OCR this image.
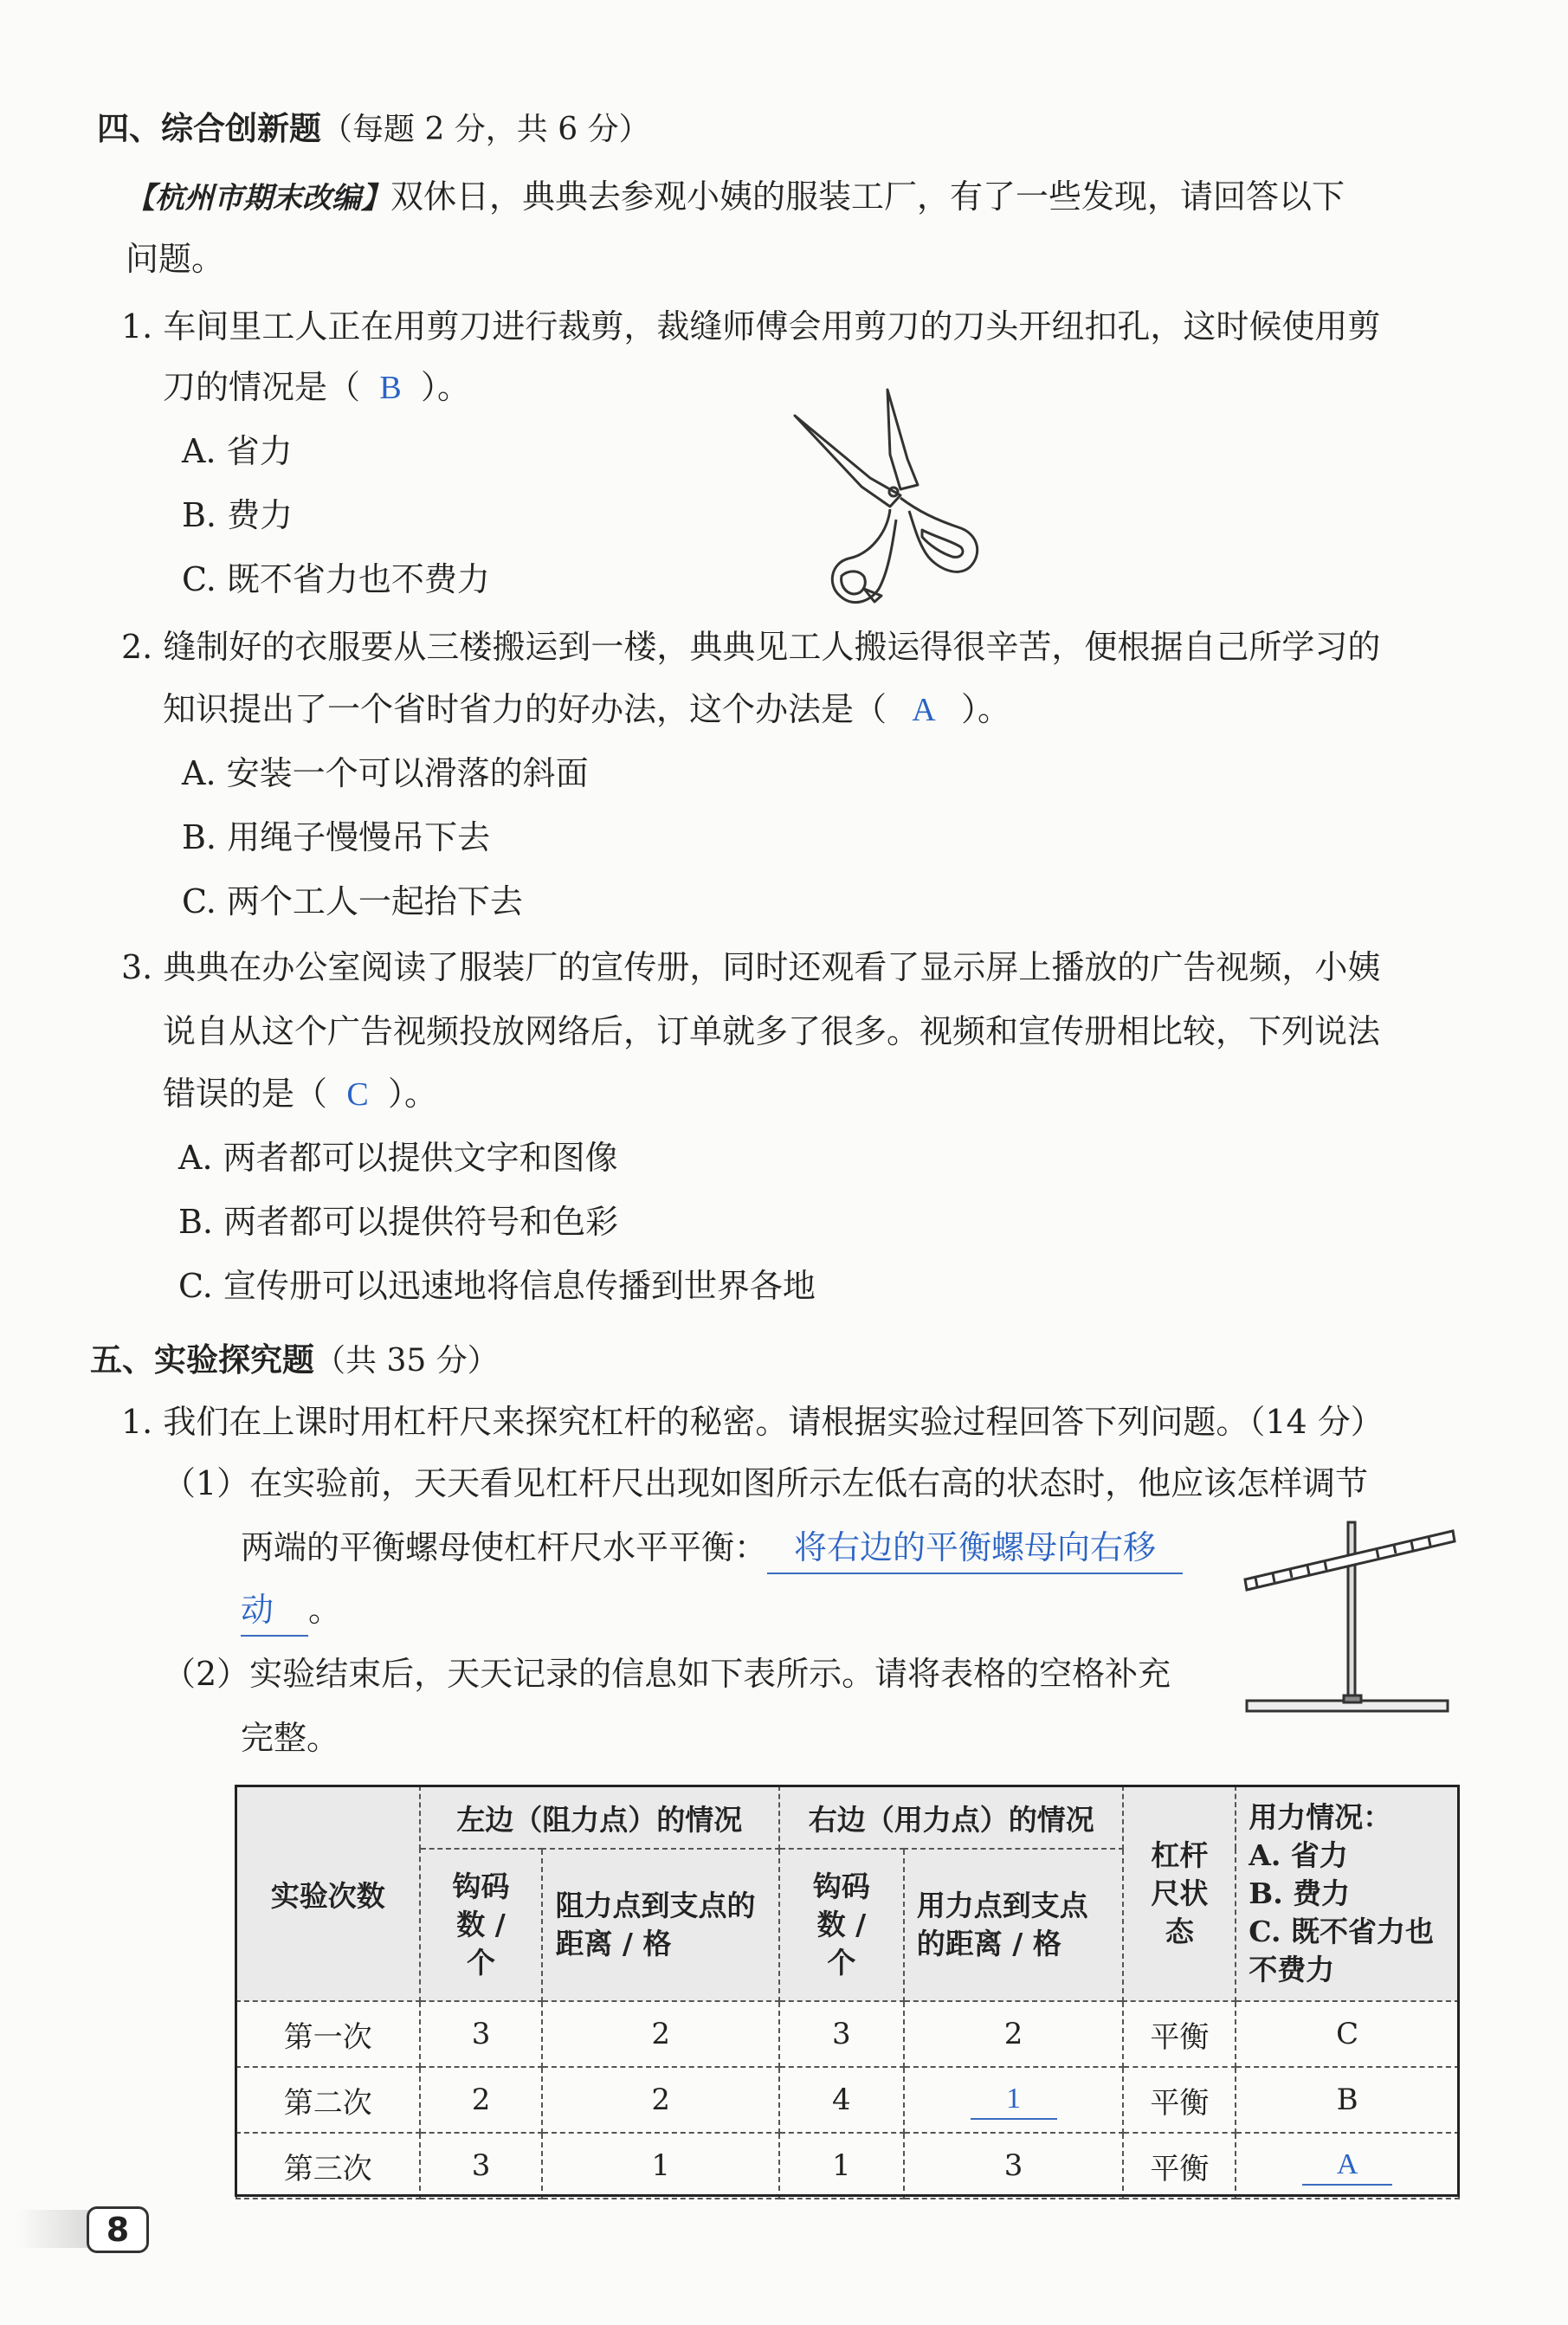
四、综合创新题（每题 2 分，共 6 分）
【杭州市期末改编】双休日，典典去参观小姨的服装工厂，有了一些发现，请回答以下
问题。
1. 车间里工人正在用剪刀进行裁剪，裁缝师傅会用剪刀的刀头开纽扣孔，这时候使用剪
刀的情况是（ B ）。
A. 省力
B. 费力
C. 既不省力也不费力
2. 缝制好的衣服要从三楼搬运到一楼，典典见工人搬运得很辛苦，便根据自己所学习的
知识提出了一个省时省力的好办法，这个办法是（ A ）。
A. 安装一个可以滑落的斜面
B. 用绳子慢慢吊下去
C. 两个工人一起抬下去
3. 典典在办公室阅读了服装厂的宣传册，同时还观看了显示屏上播放的广告视频，小姨
说自从这个广告视频投放网络后，订单就多了很多。视频和宣传册相比较，下列说法
错误的是（ C ）。
A. 两者都可以提供文字和图像
B. 两者都可以提供符号和色彩
C. 宣传册可以迅速地将信息传播到世界各地
五、实验探究题（共 35 分）
1. 我们在上课时用杠杆尺来探究杠杆的秘密。请根据实验过程回答下列问题。（14 分）
（1）在实验前，天天看见杠杆尺出现如图所示左低右高的状态时，他应该怎样调节
两端的平衡螺母使杠杆尺水平平衡： 将右边的平衡螺母向右移
动 。
（2）实验结束后，天天记录的信息如下表所示。请将表格的空格补充
完整。
实验次数	左边（阻力点）的情况		右边（用力点）的情况		杠杆尺状态	用力情况：
A. 省力
B. 费力
C. 既不省力也不费力

	钩码数 / 个	阻力点到支点的距离 / 格	钩码数 / 个	用力点到支点的距离 / 格		
第一次	3	2	3	2	平衡	C
第二次	2	2	4	1	平衡	B
第三次	3	1	1	3	平衡	A
8
